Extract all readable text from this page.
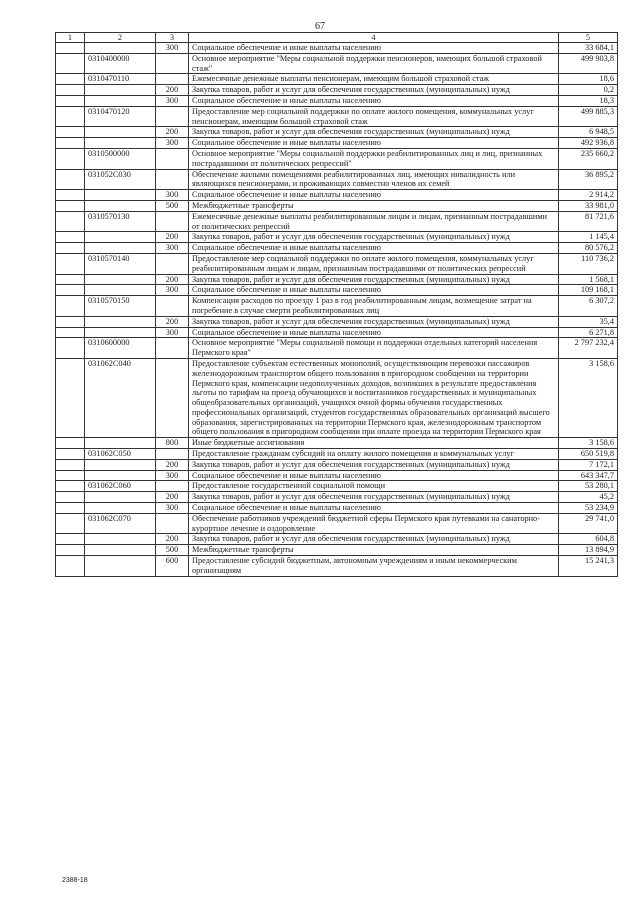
67
1	2	3	4	5
		300	Социальное обеспечение и иные выплаты населению	33 684,1
	0310400000		Основное мероприятие "Меры социальной поддержки пенсионеров, имеющих большой страховой стаж"	499 903,8
	0310470110		Ежемесячные денежные выплаты пенсионерам, имеющим большой страховой стаж	18,6
		200	Закупка товаров, работ и услуг для обеспечения государственных (муниципальных) нужд	0,2
		300	Социальное обеспечение и иные выплаты населению	18,3
	0310470120		Предоставление мер социальной поддержки по оплате жилого помещения, коммунальных услуг пенсионерам, имеющим большой страховой стаж	499 885,3
		200	Закупка товаров, работ и услуг для обеспечения государственных (муниципальных) нужд	6 948,5
		300	Социальное обеспечение и иные выплаты населению	492 936,8
	0310500000		Основное мероприятие "Меры социальной поддержки реабилитированных лиц и лиц, признанных пострадавшими от политических репрессий"	235 660,2
	031052С030		Обеспечение жилыми помещениями реабилитированных лиц, имеющих инвалидность или являющихся пенсионерами, и проживающих совместно членов их семей	36 895,2
		300	Социальное обеспечение и иные выплаты населению	2 914,2
		500	Межбюджетные трансферты	33 981,0
	0310570130		Ежемесячные денежные выплаты реабилитированным лицам и лицам, признанным пострадавшими от политических репрессий	81 721,6
		200	Закупка товаров, работ и услуг для обеспечения государственных (муниципальных) нужд	1 145,4
		300	Социальное обеспечение и иные выплаты населению	80 576,2
	0310570140		Предоставление мер социальной поддержки по оплате жилого помещения, коммунальных услуг реабилитированным лицам и лицам, признанным пострадавшими от политических репрессий	110 736,2
		200	Закупка товаров, работ и услуг для обеспечения государственных (муниципальных) нужд	1 568,1
		300	Социальное обеспечение и иные выплаты населению	109 168,1
	0310570150		Компенсация расходов по проезду 1 раз в год реабилитированным лицам, возмещение затрат на погребение в случае смерти реабилитированных лиц	6 307,2
		200	Закупка товаров, работ и услуг для обеспечения государственных (муниципальных) нужд	35,4
		300	Социальное обеспечение и иные выплаты населению	6 271,8
	0310600000		Основное мероприятие "Меры социальной помощи и поддержки отдельных категорий населения Пермского края"	2 797 232,4
	031062С040		Предоставление субъектам естественных монополий, осуществляющим перевозки пассажиров железнодорожным транспортом общего пользования в пригородном сообщении на территории Пермского края, компенсации недополученных доходов, возникших в результате предоставления льготы по тарифам на проезд обучающихся и воспитанников государственных и муниципальных общеобразовательных организаций, учащихся очной формы обучения государственных профессиональных организаций, студентов государственных образовательных организаций высшего образования, зарегистрированных на территории Пермского края, железнодорожным транспортом общего пользования в пригородном сообщении при оплате проезда на территории Пермского края	3 158,6
		800	Иные бюджетные ассигнования	3 158,6
	031062С050		Предоставление гражданам субсидий на оплату жилого помещения и коммунальных услуг	650 519,8
		200	Закупка товаров, работ и услуг для обеспечения государственных (муниципальных) нужд	7 172,1
		300	Социальное обеспечение и иные выплаты населению	643 347,7
	031062С060		Предоставление государственной социальной помощи	53 280,1
		200	Закупка товаров, работ и услуг для обеспечения государственных (муниципальных) нужд	45,2
		300	Социальное обеспечение и иные выплаты населению	53 234,9
	031062С070		Обеспечение работников учреждений бюджетной сферы Пермского края путевками на санаторно-курортное лечение и оздоровление	29 741,0
		200	Закупка товаров, работ и услуг для обеспечения государственных (муниципальных) нужд	604,8
		500	Межбюджетные трансферты	13 894,9
		600	Предоставление субсидий бюджетным, автономным учреждениям и иным некоммерческим организациям	15 241,3
2388-18
